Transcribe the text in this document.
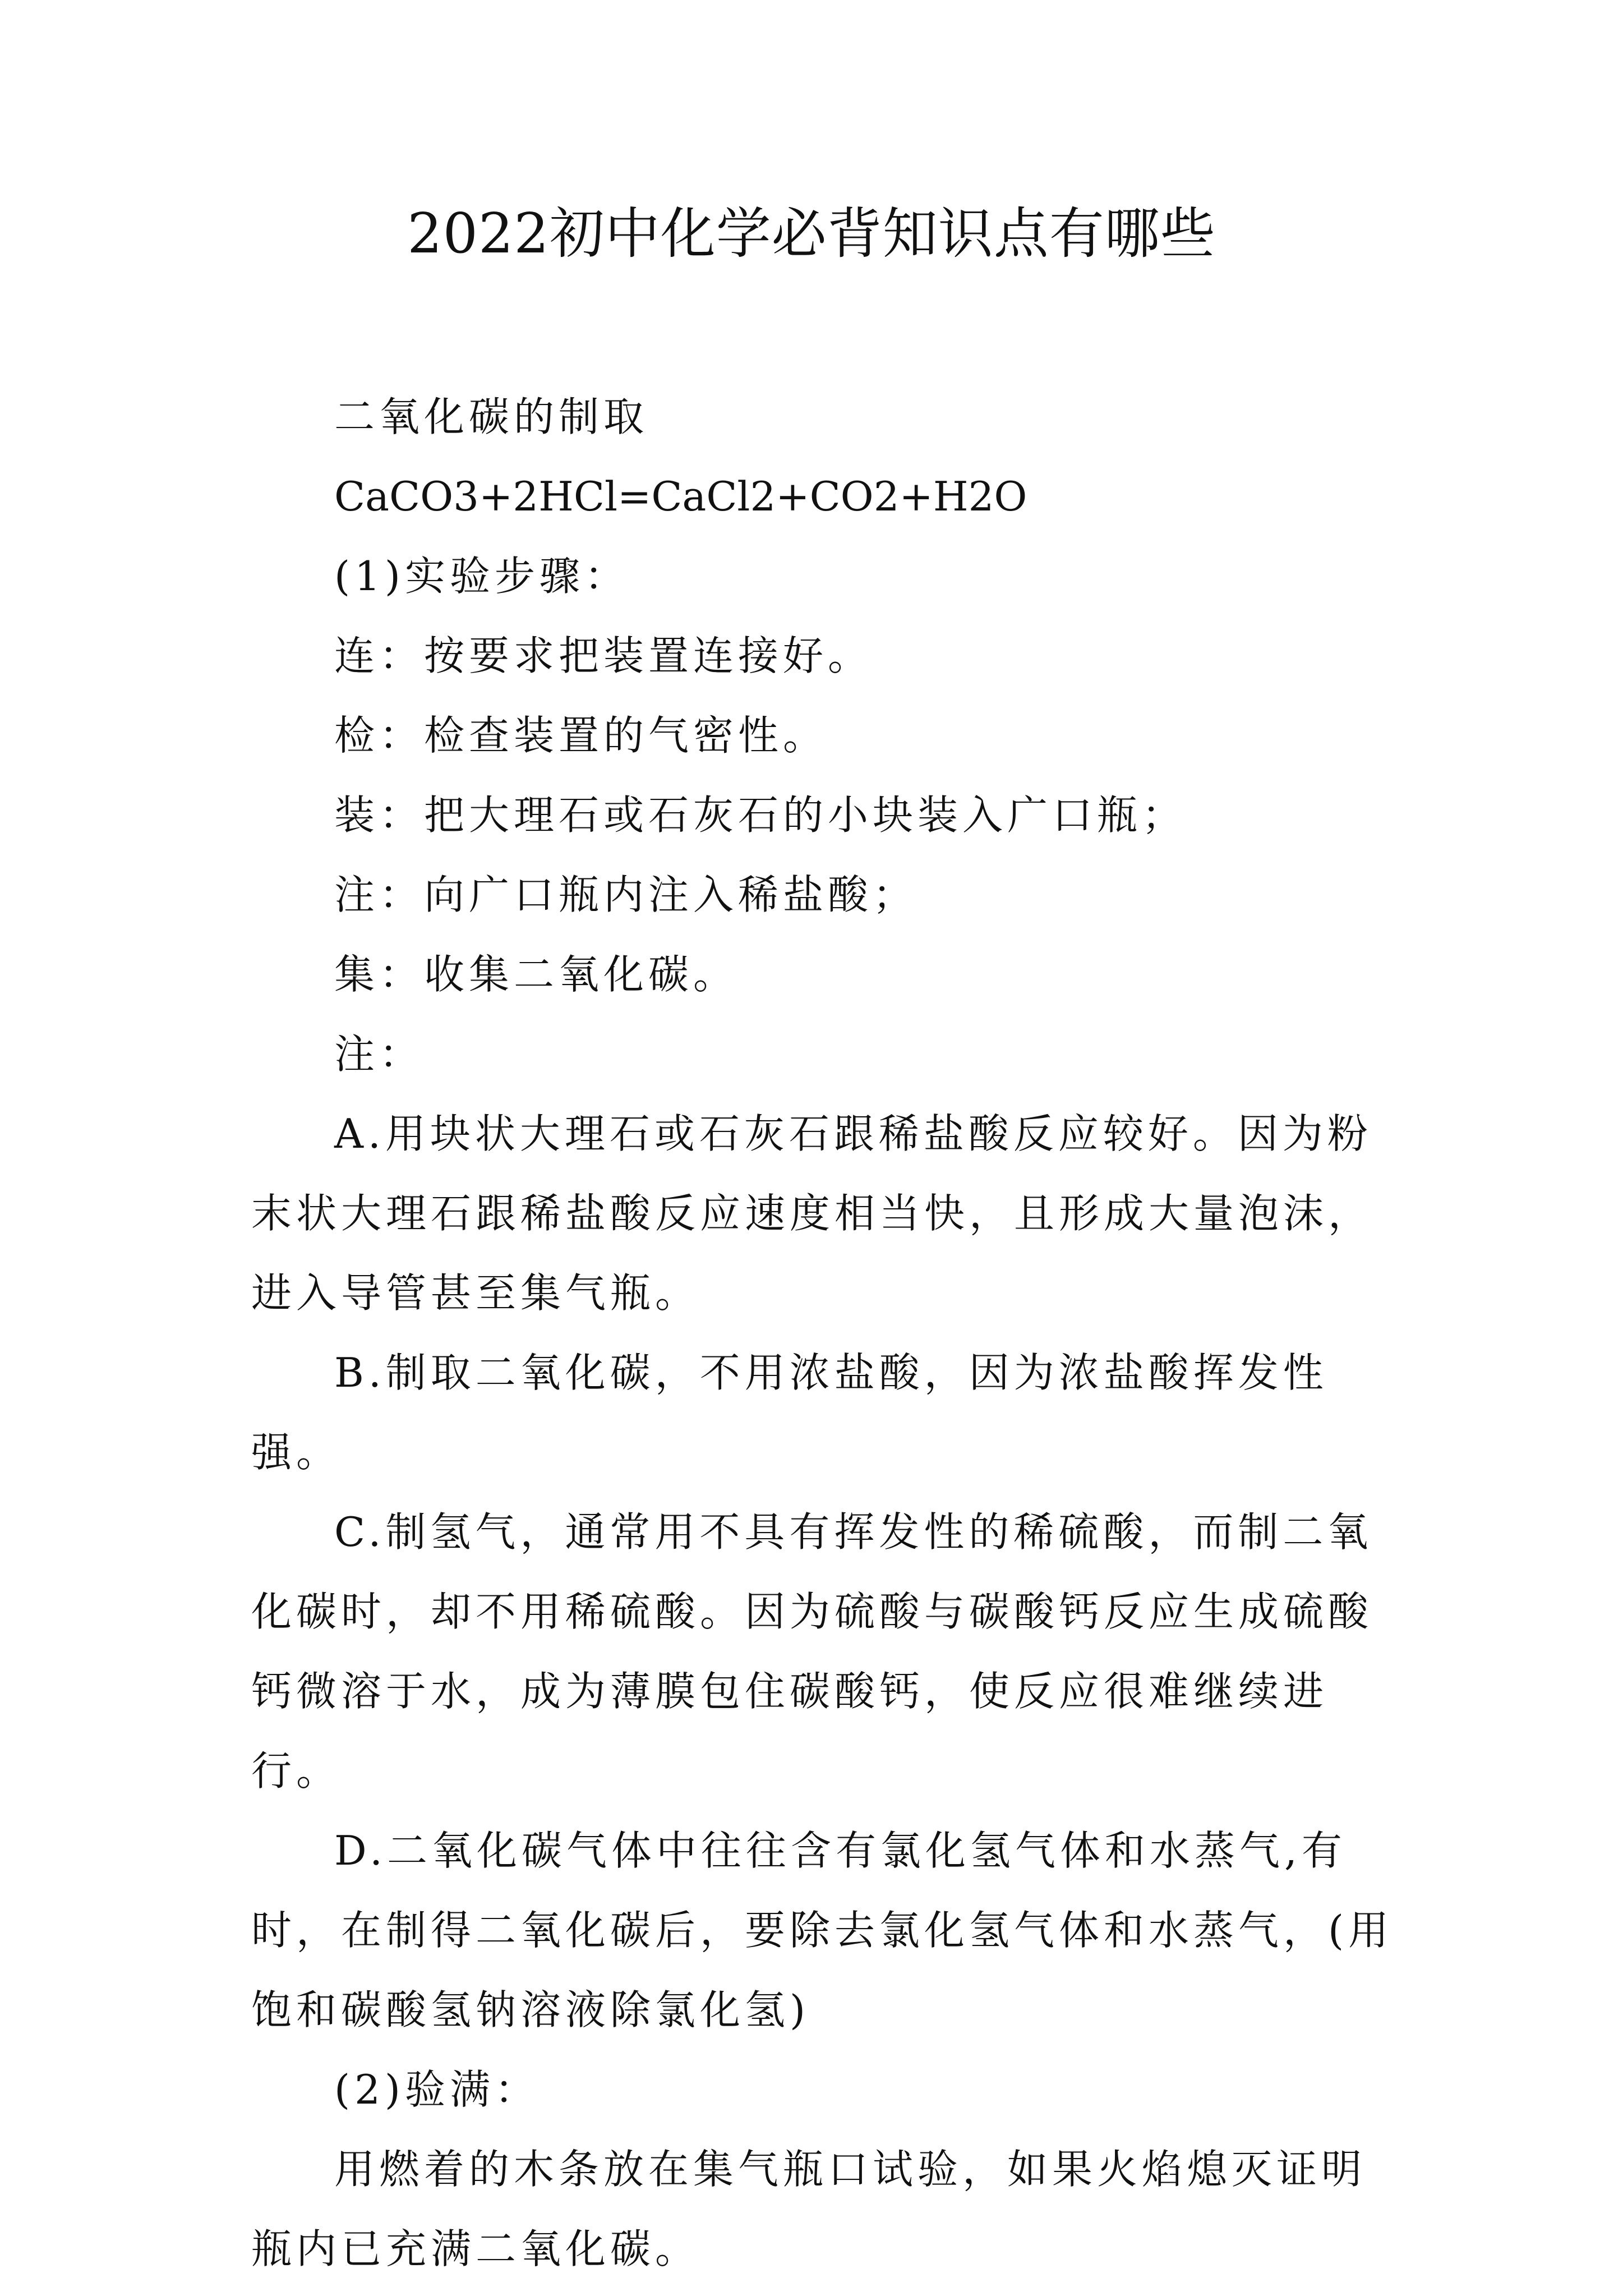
2022初中化学必背知识点有哪些

二氧化碳的制取

CaCO3+2HCl=CaCl2+CO2+H2O

(1)实验步骤：

连：按要求把装置连接好。

检：检查装置的气密性。

装：把大理石或石灰石的小块装入广口瓶；

注：向广口瓶内注入稀盐酸；

集：收集二氧化碳。

注：

A.用块状大理石或石灰石跟稀盐酸反应较好。因为粉末状大理石跟稀盐酸反应速度相当快，且形成大量泡沫，进入导管甚至集气瓶。

B.制取二氧化碳，不用浓盐酸，因为浓盐酸挥发性强。

C.制氢气，通常用不具有挥发性的稀硫酸，而制二氧化碳时，却不用稀硫酸。因为硫酸与碳酸钙反应生成硫酸钙微溶于水，成为薄膜包住碳酸钙，使反应很难继续进行。

D.二氧化碳气体中往往含有氯化氢气体和水蒸气,有时，在制得二氧化碳后，要除去氯化氢气体和水蒸气，(用饱和碳酸氢钠溶液除氯化氢)

(2)验满：

用燃着的木条放在集气瓶口试验，如果火焰熄灭证明瓶内已充满二氧化碳。
